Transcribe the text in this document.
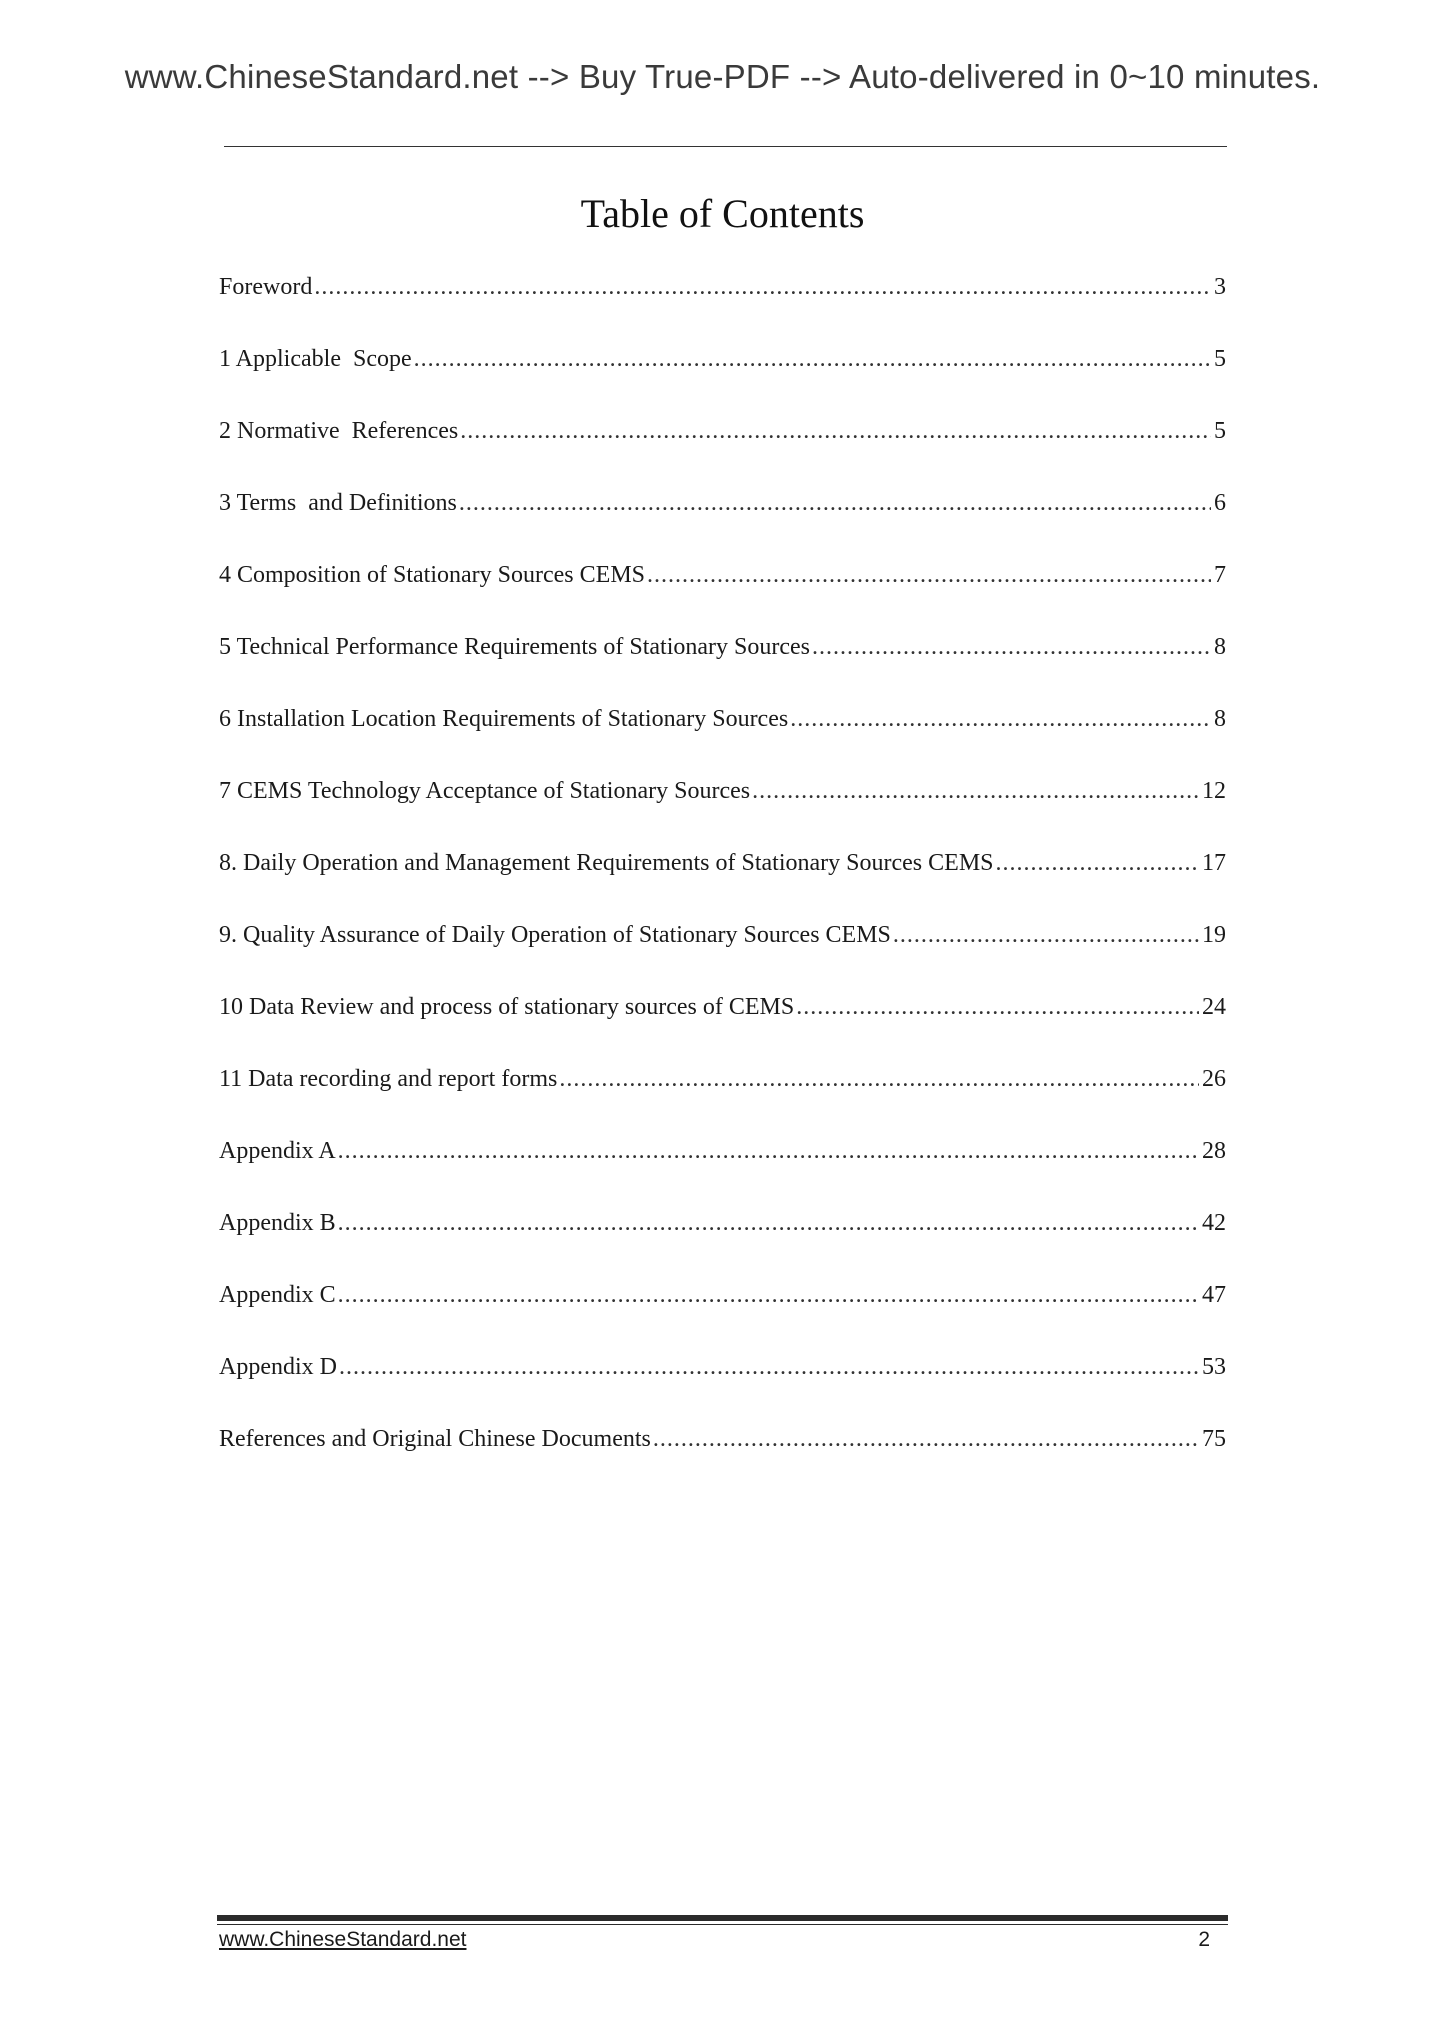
www.ChineseStandard.net --> Buy True-PDF --> Auto-delivered in 0~10 minutes.
Table of Contents
Foreword .....	3
1 Applicable  Scope .....	5
2 Normative  References .....	5
3 Terms  and Definitions .....	6
4 Composition of Stationary Sources CEMS .....	7
5 Technical Performance Requirements of Stationary Sources .....	8
6 Installation Location Requirements of Stationary Sources .....	8
7 CEMS Technology Acceptance of Stationary Sources .....	12
8. Daily Operation and Management Requirements of Stationary Sources CEMS .....	17
9. Quality Assurance of Daily Operation of Stationary Sources CEMS .....	19
10 Data Review and process of stationary sources of CEMS .....	24
11 Data recording and report forms .....	26
Appendix A .....	28
Appendix B .....	42
Appendix C .....	47
Appendix D .....	53
References and Original Chinese Documents .....	75
www.ChineseStandard.net	2
